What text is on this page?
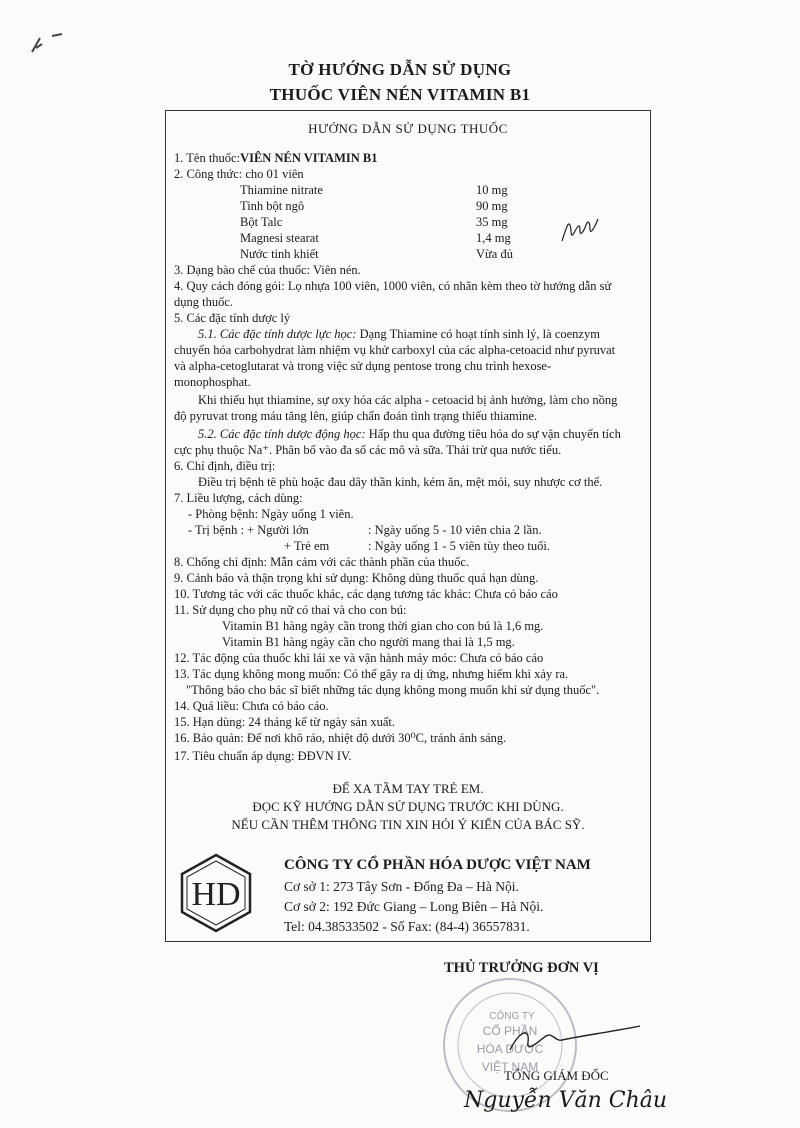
TỜ HƯỚNG DẪN SỬ DỤNG
THUỐC VIÊN NÉN VITAMIN B1
HƯỚNG DẪN SỬ DỤNG THUỐC
1. Tên thuốc:VIÊN NÉN VITAMIN B1
2. Công thức: cho 01 viên
Thiamine nitrate	10 mg
Tinh bột ngô	90 mg
Bột Talc	35 mg
Magnesi stearat	1,4 mg
Nước tinh khiết	Vừa đủ
3. Dạng bào chế của thuốc: Viên nén.
4. Quy cách đóng gói: Lọ nhựa 100 viên, 1000 viên, có nhãn kèm theo tờ hướng dẫn sử
dụng thuốc.
5. Các đặc tính dược lý
5.1. Các đặc tính dược lực học: Dạng Thiamine có hoạt tính sinh lý, là coenzym
chuyển hóa carbohydrat làm nhiệm vụ khử carboxyl của các alpha-cetoacid như pyruvat
và alpha-cetoglutarat và trong việc sử dụng pentose trong chu trình hexose-
monophosphat.
Khi thiếu hụt thiamine, sự oxy hóa các alpha - cetoacid bị ảnh hưởng, làm cho nồng
độ pyruvat trong máu tăng lên, giúp chẩn đoán tình trạng thiếu thiamine.
5.2. Các đặc tính dược động học: Hấp thu qua đường tiêu hóa do sự vận chuyển tích
cực phụ thuộc Na⁺. Phân bố vào đa số các mô và sữa. Thải trừ qua nước tiểu.
6. Chỉ định, điều trị:
Điều trị bệnh tê phù hoặc đau dây thần kinh, kém ăn, mệt mỏi, suy nhược cơ thể.
7. Liều lượng, cách dùng:
- Phòng bệnh: Ngày uống 1 viên.
- Trị bệnh : + Người lớn	: Ngày uống 5 - 10 viên chia 2 lần.
+ Trẻ em	: Ngày uống 1 - 5 viên tùy theo tuổi.
8. Chống chỉ định: Mẫn cảm với các thành phần của thuốc.
9. Cảnh báo và thận trọng khi sử dụng: Không dùng thuốc quá hạn dùng.
10. Tương tác với các thuốc khác, các dạng tương tác khác: Chưa có báo cáo
11. Sử dụng cho phụ nữ có thai và cho con bú:
Vitamin B1 hàng ngày cần trong thời gian cho con bú là 1,6 mg.
Vitamin B1 hàng ngày cần cho người mang thai là 1,5 mg.
12. Tác động của thuốc khi lái xe và vận hành máy móc: Chưa có báo cáo
13. Tác dụng không mong muốn: Có thể gây ra dị ứng, nhưng hiếm khi xảy ra.
"Thông báo cho bác sĩ biết những tác dụng không mong muốn khi sử dụng thuốc".
14. Quá liều: Chưa có báo cáo.
15. Hạn dùng: 24 tháng kể từ ngày sản xuất.
16. Bảo quản: Để nơi khô ráo, nhiệt độ dưới 30⁰C, tránh ánh sáng.
17. Tiêu chuẩn áp dụng: ĐĐVN IV.
ĐỂ XA TẦM TAY TRẺ EM.
ĐỌC KỸ HƯỚNG DẪN SỬ DỤNG TRƯỚC KHI DÙNG.
NẾU CẦN THÊM THÔNG TIN XIN HỎI Ý KIẾN CỦA BÁC SỸ.
HD
CÔNG TY CỔ PHẦN HÓA DƯỢC VIỆT NAM
Cơ sở 1: 273 Tây Sơn - Đống Đa – Hà Nội.
Cơ sở 2: 192 Đức Giang – Long Biên – Hà Nội.
Tel: 04.38533502 - Số Fax: (84-4) 36557831.
THỦ TRƯỞNG ĐƠN VỊ
CÔNG TY
CỔ PHẦN
HÓA DƯỢC
VIỆT NAM
TỔNG GIÁM ĐỐC
Nguyễn Văn Châu
